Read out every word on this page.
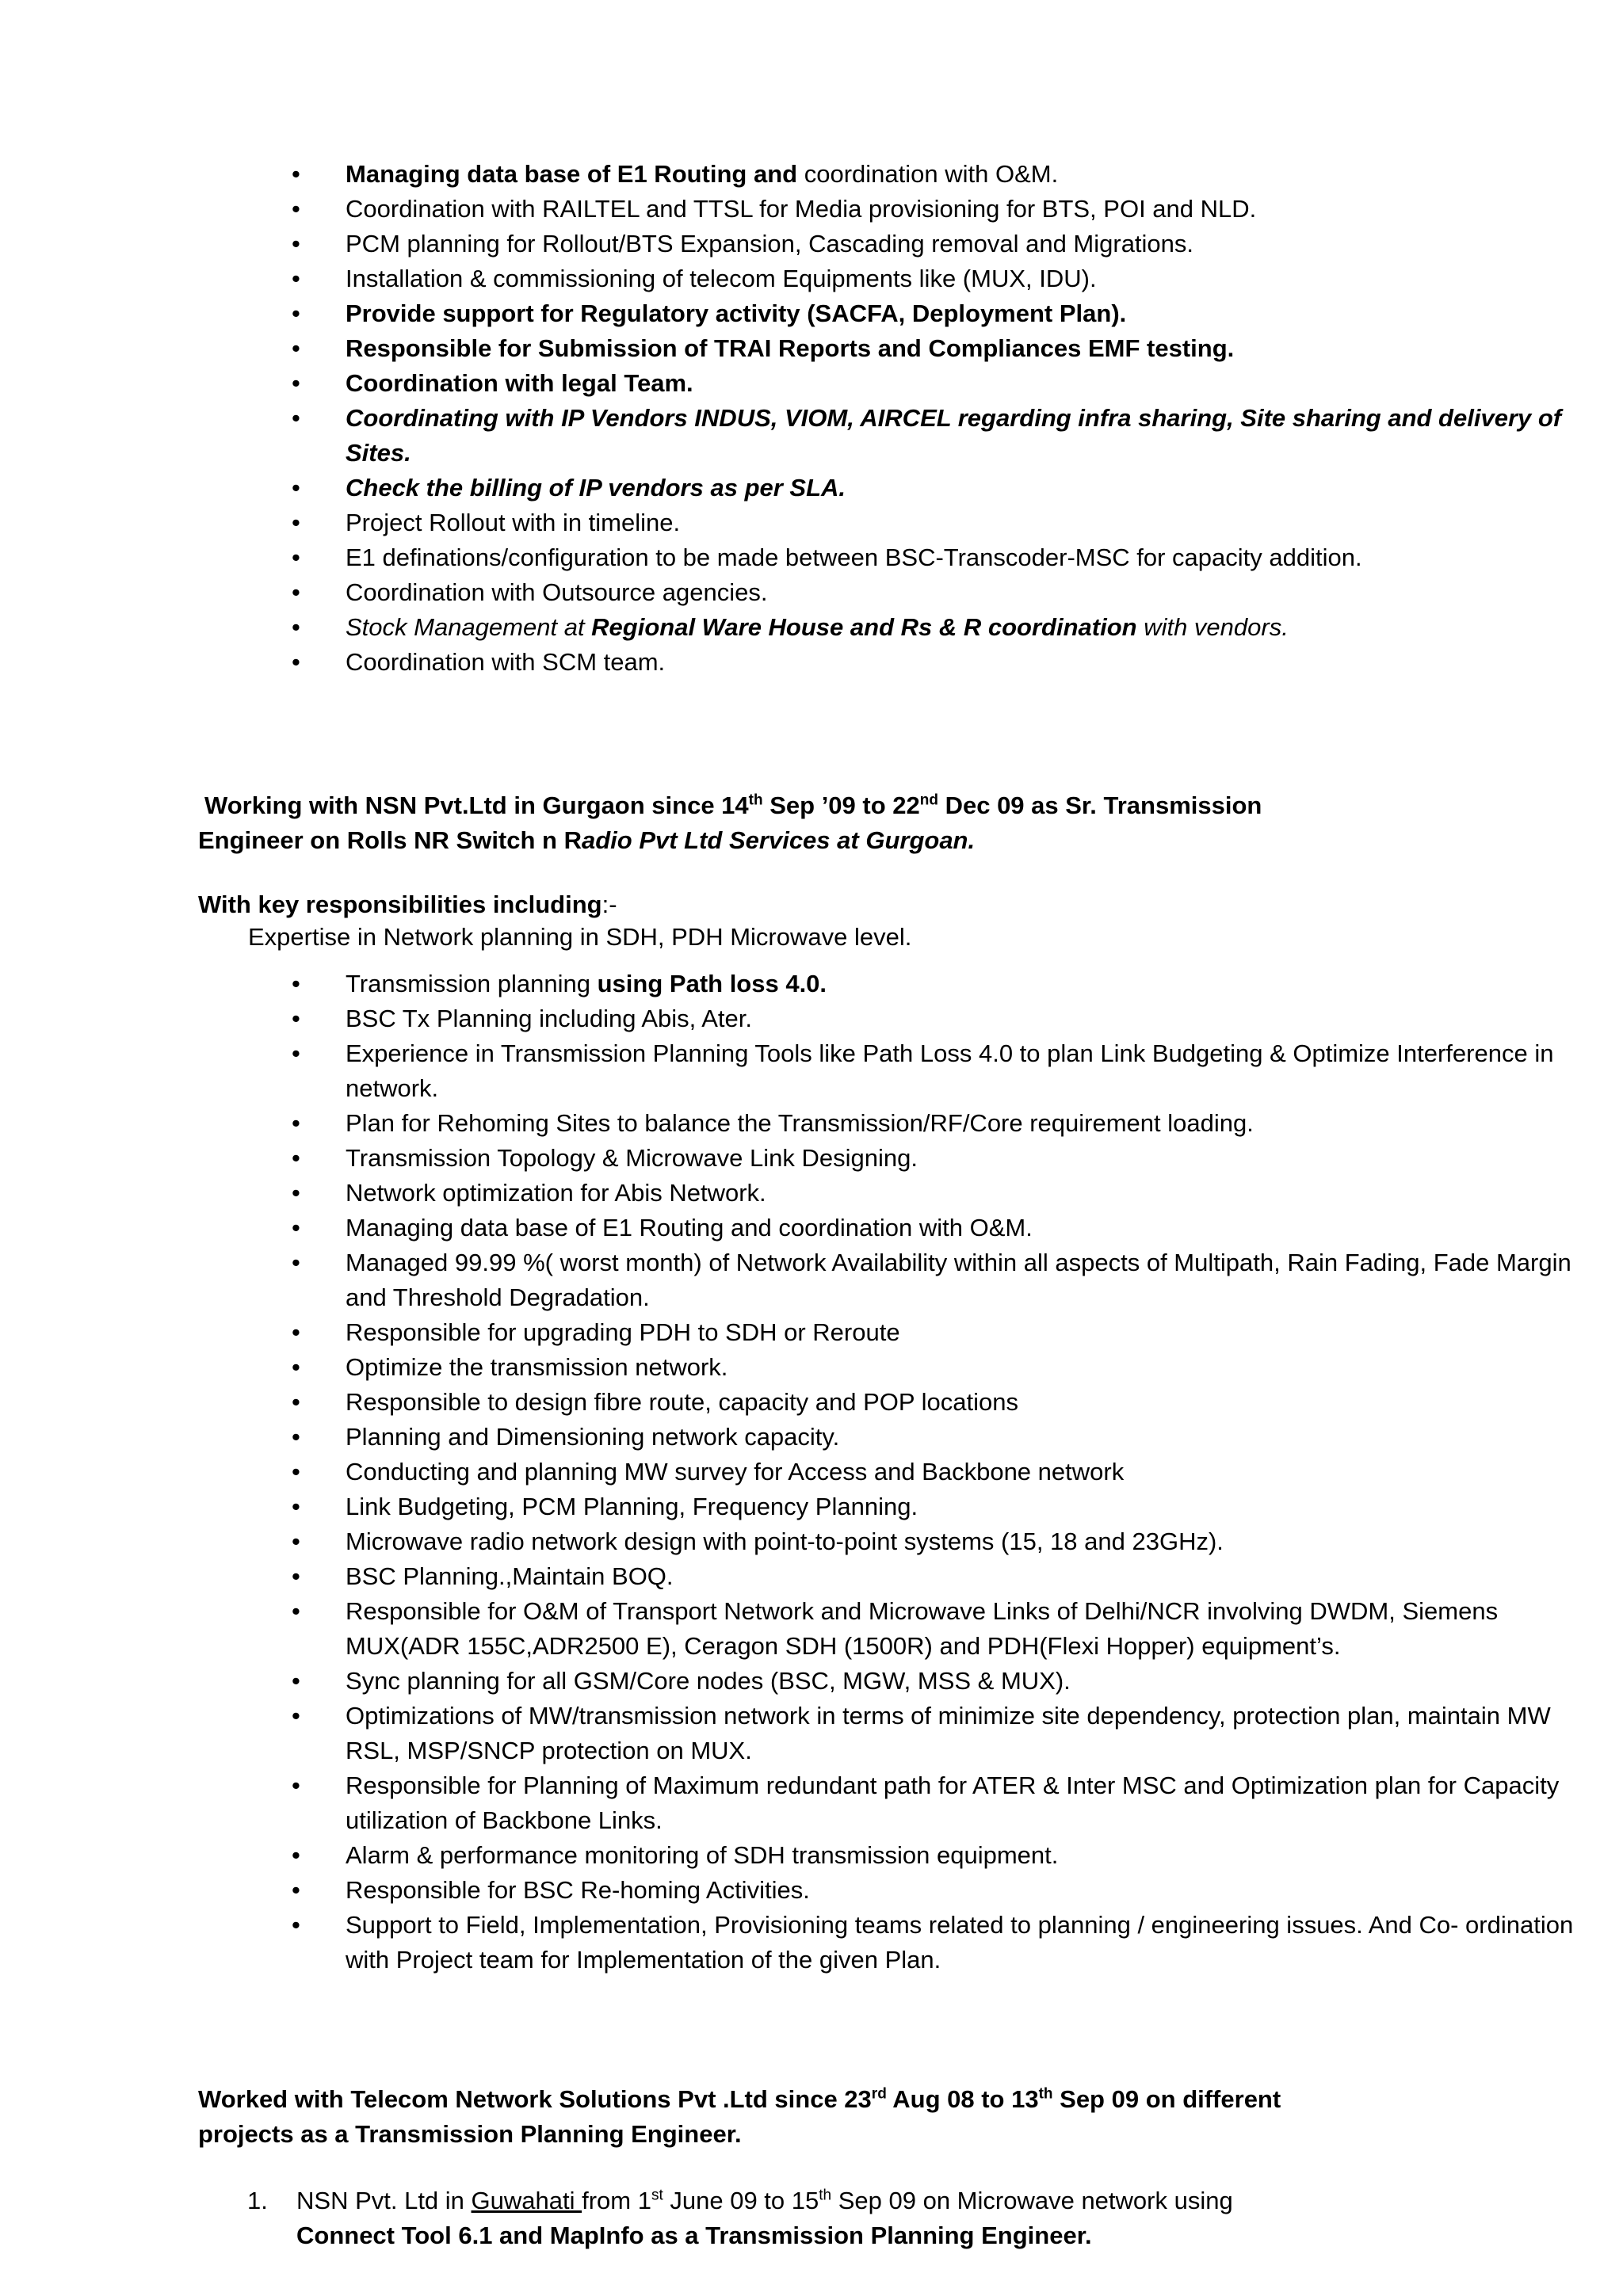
• Managing data base of E1 Routing and coordination with O&M.
• Coordination with RAILTEL and TTSL for Media provisioning for BTS, POI and NLD.
• PCM planning for Rollout/BTS Expansion, Cascading removal and Migrations.
• Installation & commissioning of telecom Equipments like (MUX, IDU).
• Provide support for Regulatory activity (SACFA, Deployment Plan).
• Responsible for Submission of TRAI Reports and Compliances EMF testing.
• Coordination with legal Team.
• Coordinating with IP Vendors INDUS, VIOM, AIRCEL regarding infra sharing, Site sharing and delivery of Sites.
• Check the billing of IP vendors as per SLA.
• Project Rollout with in timeline.
• E1 definations/configuration to be made between BSC-Transcoder-MSC for capacity addition.
• Coordination with Outsource agencies.
• Stock Management at Regional Ware House and Rs & R coordination with vendors.
• Coordination with SCM team.
Working with NSN Pvt.Ltd in Gurgaon since 14th Sep ’09 to 22nd Dec 09 as Sr. Transmission
Engineer on Rolls NR Switch n Radio Pvt Ltd Services at Gurgoan.
With key responsibilities including:-
Expertise in Network planning in SDH, PDH Microwave level.
• Transmission planning using Path loss 4.0.
• BSC Tx Planning including Abis, Ater.
• Experience in Transmission Planning Tools like Path Loss 4.0 to plan Link Budgeting & Optimize Interference in network.
• Plan for Rehoming Sites to balance the Transmission/RF/Core requirement loading.
• Transmission Topology & Microwave Link Designing.
• Network optimization for Abis Network.
• Managing data base of E1 Routing and coordination with O&M.
• Managed 99.99 %( worst month) of Network Availability within all aspects of Multipath, Rain Fading, Fade Margin and Threshold Degradation.
• Responsible for upgrading PDH to SDH or Reroute
• Optimize the transmission network.
• Responsible to design fibre route, capacity and POP locations
• Planning and Dimensioning network capacity.
• Conducting and planning MW survey for Access and Backbone network
• Link Budgeting, PCM Planning, Frequency Planning.
• Microwave radio network design with point-to-point systems (15, 18 and 23GHz).
• BSC Planning.,Maintain BOQ.
• Responsible for O&M of Transport Network and Microwave Links of Delhi/NCR involving DWDM, Siemens MUX(ADR 155C,ADR2500 E), Ceragon SDH (1500R) and PDH(Flexi Hopper) equipment’s.
• Sync planning for all GSM/Core nodes (BSC, MGW, MSS & MUX).
• Optimizations of MW/transmission network in terms of minimize site dependency, protection plan, maintain MW RSL, MSP/SNCP protection on MUX.
• Responsible for Planning of Maximum redundant path for ATER & Inter MSC and Optimization plan for Capacity utilization of Backbone Links.
• Alarm & performance monitoring of SDH transmission equipment.
• Responsible for BSC Re-homing Activities.
• Support to Field, Implementation, Provisioning teams related to planning / engineering issues. And Co- ordination with Project team for Implementation of the given Plan.
Worked with Telecom Network Solutions Pvt .Ltd since 23rd Aug 08 to 13th Sep 09 on different
projects as a Transmission Planning Engineer.
1. NSN Pvt. Ltd in Guwahati from 1st June 09 to 15th Sep 09 on Microwave network using
Connect Tool 6.1 and MapInfo as a Transmission Planning Engineer.
